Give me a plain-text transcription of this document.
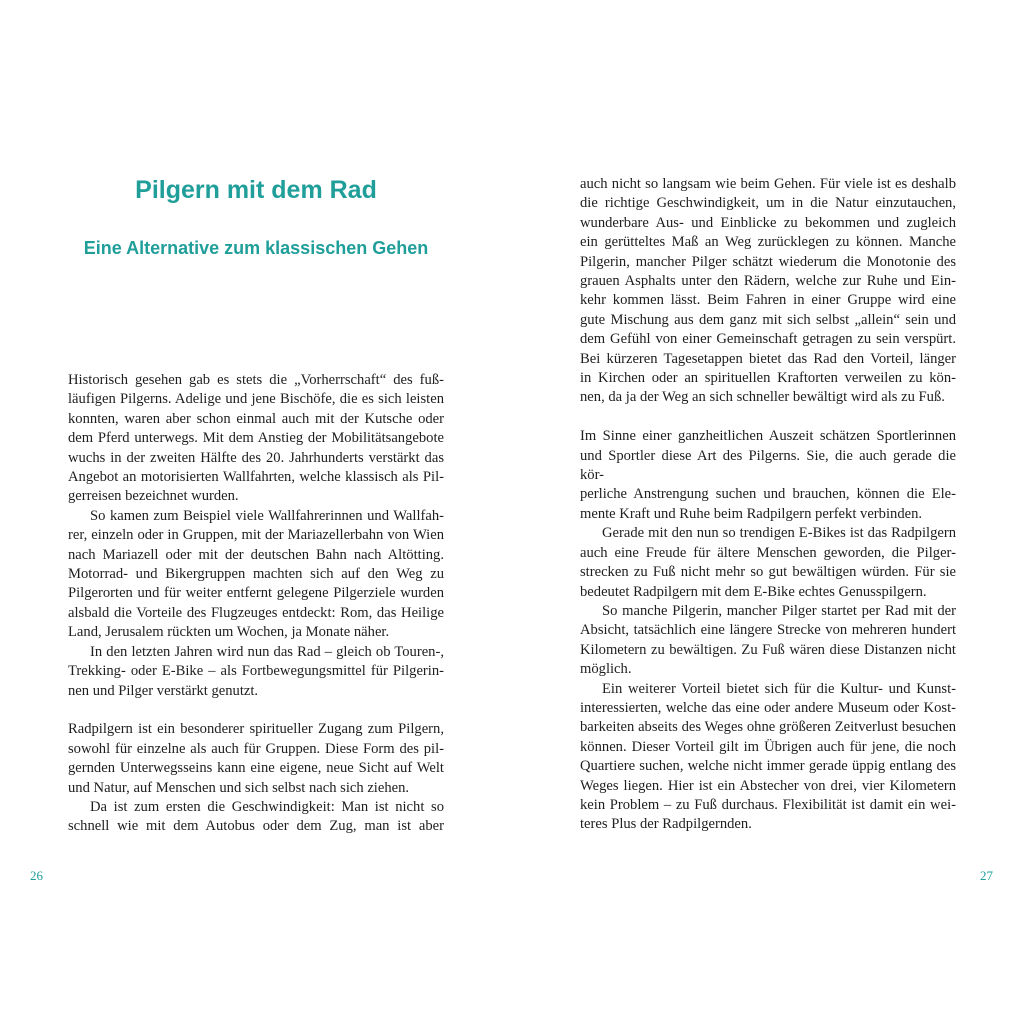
Pilgern mit dem Rad
Eine Alternative zum klassischen Gehen

Historisch gesehen gab es stets die „Vorherrschaft“ des fuß-

läufigen Pilgerns. Adelige und jene Bischöfe, die es sich leisten

konnten, waren aber schon einmal auch mit der Kutsche oder

dem Pferd unterwegs. Mit dem Anstieg der Mobilitätsangebote

wuchs in der zweiten Hälfte des 20. Jahrhunderts verstärkt das

Angebot an motorisierten Wallfahrten, welche klassisch als Pil-

gerreisen bezeichnet wurden.

So kamen zum Beispiel viele Wallfahrerinnen und Wallfah-

rer, einzeln oder in Gruppen, mit der Mariazellerbahn von Wien

nach Mariazell oder mit der deutschen Bahn nach Altötting.

Motorrad- und Bikergruppen machten sich auf den Weg zu

Pilgerorten und für weiter entfernt gelegene Pilgerziele wurden

alsbald die Vorteile des Flugzeuges entdeckt: Rom, das Heilige

Land, Jerusalem rückten um Wochen, ja Monate näher.

In den letzten Jahren wird nun das Rad – gleich ob Touren-,

Trekking- oder E-Bike – als Fortbewegungsmittel für Pilgerin-

nen und Pilger verstärkt genutzt.

Radpilgern ist ein besonderer spiritueller Zugang zum Pilgern,

sowohl für einzelne als auch für Gruppen. Diese Form des pil-

gernden Unterwegsseins kann eine eigene, neue Sicht auf Welt

und Natur, auf Menschen und sich selbst nach sich ziehen.

Da ist zum ersten die Geschwindigkeit: Man ist nicht so

schnell wie mit dem Autobus oder dem Zug, man ist aber

26	27

auch nicht so langsam wie beim Gehen. Für viele ist es deshalb

die richtige Geschwindigkeit, um in die Natur einzutauchen,

wunderbare Aus- und Einblicke zu bekommen und zugleich

ein gerütteltes Maß an Weg zurücklegen zu können. Manche

Pilgerin, mancher Pilger schätzt wiederum die Monotonie des

grauen Asphalts unter den Rädern, welche zur Ruhe und Ein-

kehr kommen lässt. Beim Fahren in einer Gruppe wird eine

gute Mischung aus dem ganz mit sich selbst „allein“ sein und

dem Gefühl von einer Gemeinschaft getragen zu sein verspürt.

Bei kürzeren Tagesetappen bietet das Rad den Vorteil, länger

in Kirchen oder an spirituellen Kraftorten verweilen zu kön-

nen, da ja der Weg an sich schneller bewältigt wird als zu Fuß.

Im Sinne einer ganzheitlichen Auszeit schätzen Sportlerinnen

und Sportler diese Art des Pilgerns. Sie, die auch gerade die kör-

perliche Anstrengung suchen und brauchen, können die Ele-

mente Kraft und Ruhe beim Radpilgern perfekt verbinden.

Gerade mit den nun so trendigen E-Bikes ist das Radpilgern

auch eine Freude für ältere Menschen geworden, die Pilger-

strecken zu Fuß nicht mehr so gut bewältigen würden. Für sie

bedeutet Radpilgern mit dem E-Bike echtes Genusspilgern.

So manche Pilgerin, mancher Pilger startet per Rad mit der

Absicht, tatsächlich eine längere Strecke von mehreren hundert

Kilometern zu bewältigen. Zu Fuß wären diese Distanzen nicht

möglich.

Ein weiterer Vorteil bietet sich für die Kultur- und Kunst-

interessierten, welche das eine oder andere Museum oder Kost-

barkeiten abseits des Weges ohne größeren Zeitverlust besuchen

können. Dieser Vorteil gilt im Übrigen auch für jene, die noch

Quartiere suchen, welche nicht immer gerade üppig entlang des

Weges liegen. Hier ist ein Abstecher von drei, vier Kilometern

kein Problem – zu Fuß durchaus. Flexibilität ist damit ein wei-

teres Plus der Radpilgernden.
